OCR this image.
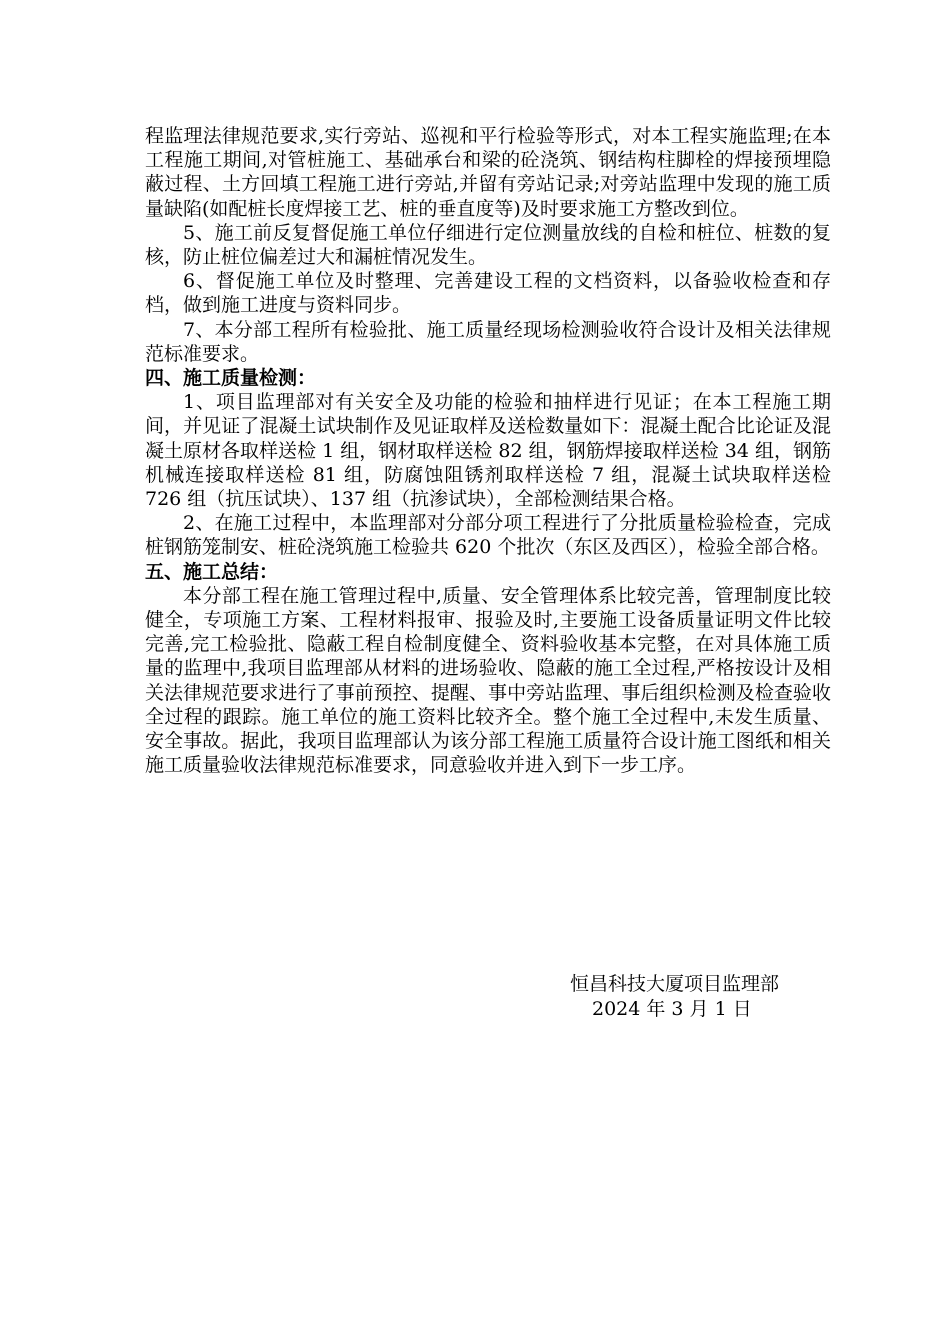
程监理法律规范要求,实行旁站、巡视和平行检验等形式，对本工程实施监理;在本工程施工期间,对管桩施工、基础承台和梁的砼浇筑、钢结构柱脚栓的焊接预埋隐蔽过程、土方回填工程施工进行旁站,并留有旁站记录;对旁站监理中发现的施工质量缺陷(如配桩长度焊接工艺、桩的垂直度等)及时要求施工方整改到位。

5、施工前反复督促施工单位仔细进行定位测量放线的自检和桩位、桩数的复核，防止桩位偏差过大和漏桩情况发生。

6、督促施工单位及时整理、完善建设工程的文档资料，以备验收检查和存档，做到施工进度与资料同步。

7、本分部工程所有检验批、施工质量经现场检测验收符合设计及相关法律规范标准要求。

四、施工质量检测：

1、项目监理部对有关安全及功能的检验和抽样进行见证；在本工程施工期间，并见证了混凝土试块制作及见证取样及送检数量如下：混凝土配合比论证及混凝土原材各取样送检 1 组，钢材取样送检 82 组，钢筋焊接取样送检 34 组，钢筋机械连接取样送检 81 组，防腐蚀阻锈剂取样送检 7 组，混凝土试块取样送检 726 组（抗压试块）、137 组（抗渗试块），全部检测结果合格。

2、在施工过程中，本监理部对分部分项工程进行了分批质量检验检查，完成桩钢筋笼制安、桩砼浇筑施工检验共 620 个批次（东区及西区），检验全部合格。

五、施工总结：

本分部工程在施工管理过程中,质量、安全管理体系比较完善，管理制度比较健全，专项施工方案、工程材料报审、报验及时,主要施工设备质量证明文件比较完善,完工检验批、隐蔽工程自检制度健全、资料验收基本完整，在对具体施工质量的监理中,我项目监理部从材料的进场验收、隐蔽的施工全过程,严格按设计及相关法律规范要求进行了事前预控、提醒、事中旁站监理、事后组织检测及检查验收全过程的跟踪。施工单位的施工资料比较齐全。整个施工全过程中,未发生质量、安全事故。据此，我项目监理部认为该分部工程施工质量符合设计施工图纸和相关施工质量验收法律规范标准要求，同意验收并进入到下一步工序。

恒昌科技大厦项目监理部
2024 年 3 月 1 日
